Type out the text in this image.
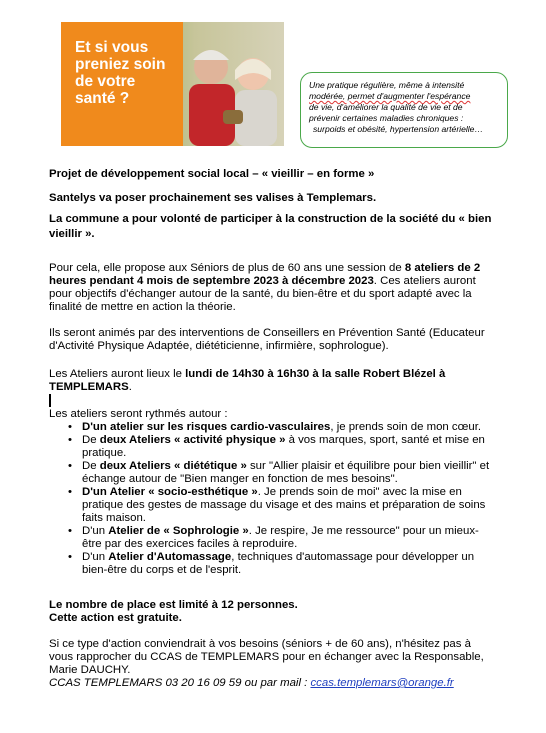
Et si vous preniez soin de votre santé ?
Une pratique régulière, même à intensité
modérée, permet d'augmenter l'espérance
de vie, d'améliorer la qualité de vie et de
prévenir certaines maladies chroniques :
surpoids et obésité, hypertension artérielle…
Projet de développement social local – « vieillir – en forme »
Santelys va poser prochainement ses valises à Templemars.
La commune a pour volonté de participer à la construction de la société du « bien vieillir ».
Pour cela, elle propose aux Séniors de plus de 60 ans une session de 8 ateliers de 2
heures pendant 4 mois de septembre 2023 à décembre 2023. Ces ateliers auront
pour objectifs d'échanger autour de la santé, du bien-être et du sport adapté avec la
finalité de mettre en action la théorie.
Ils seront animés par des interventions de Conseillers en Prévention Santé (Educateur
d'Activité Physique Adaptée, diététicienne, infirmière, sophrologue).
Les Ateliers auront lieux le lundi de 14h30 à 16h30 à la salle Robert Blézel à
TEMPLEMARS.
Les ateliers seront rythmés autour :
• D'un atelier sur les risques cardio-vasculaires, je prends soin de mon cœur.
• De deux Ateliers « activité physique » à vos marques, sport, santé et mise en
pratique.
• De deux Ateliers « diététique » sur "Allier plaisir et équilibre pour bien vieillir" et
échange autour de "Bien manger en fonction de mes besoins".
• D'un Atelier « socio-esthétique ». Je prends soin de moi" avec la mise en
pratique des gestes de massage du visage et des mains et préparation de soins
faits maison.
• D'un Atelier de « Sophrologie ». Je respire, Je me ressource" pour un mieux-
être par des exercices faciles à reproduire.
• D'un Atelier d'Automassage, techniques d'automassage pour développer un
bien-être du corps et de l'esprit.
Le nombre de place est limité à 12 personnes.
Cette action est gratuite.
Si ce type d'action conviendrait à vos besoins (séniors + de 60 ans), n'hésitez pas à
vous rapprocher du CCAS de TEMPLEMARS pour en échanger avec la Responsable,
Marie DAUCHY.
CCAS TEMPLEMARS 03 20 16 09 59 ou par mail : ccas.templemars@orange.fr
